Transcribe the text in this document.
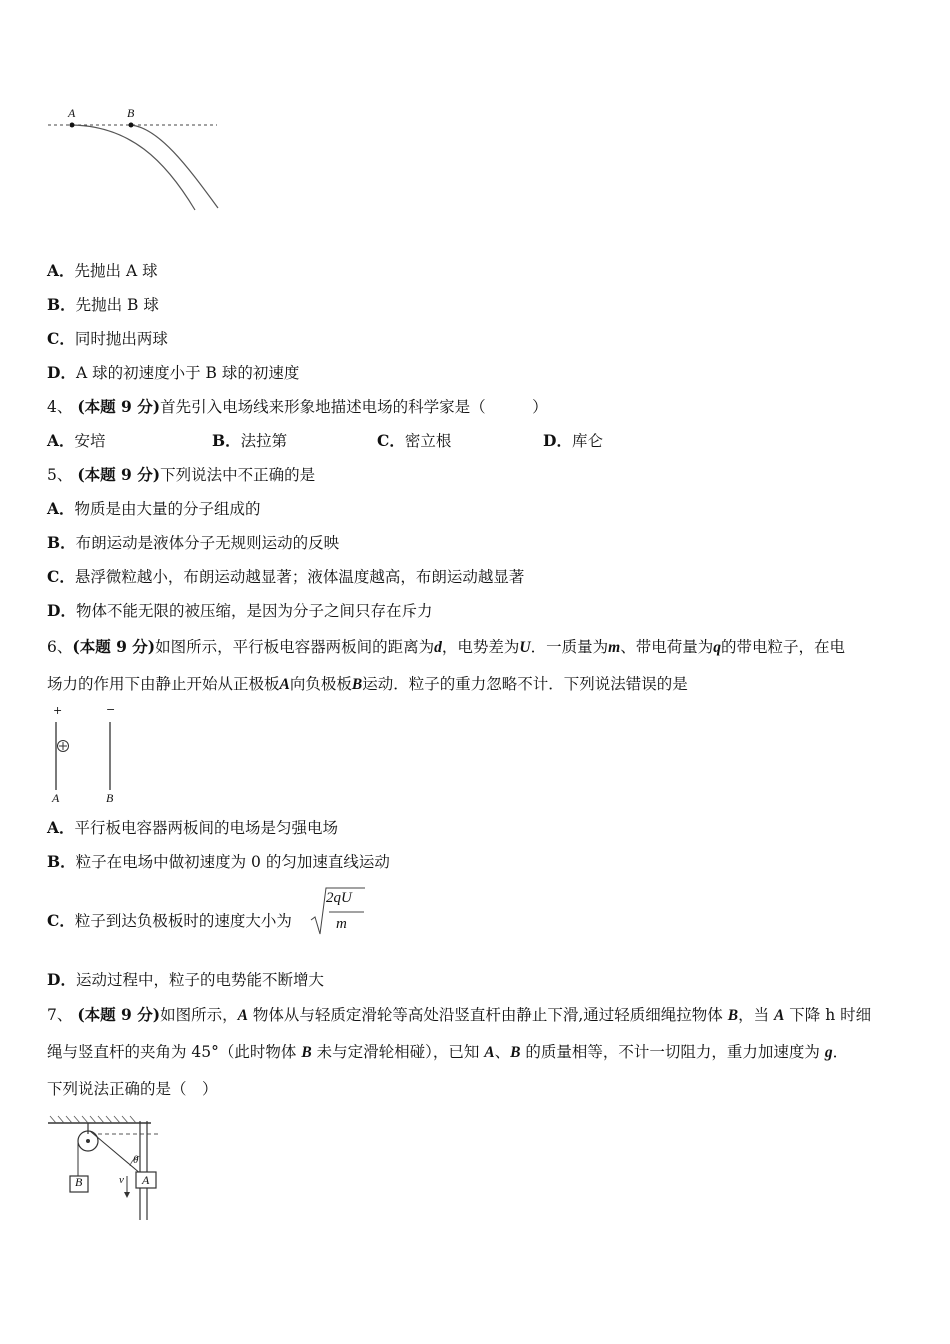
A	B
A．先抛出 A 球
B．先抛出 B 球
C．同时抛出两球
D．A 球的初速度小于 B 球的初速度
4、 (本题 9 分)首先引入电场线来形象地描述电场的科学家是（　　　）
A．安培	B．法拉第	C．密立根	D．库仑
5、 (本题 9 分)下列说法中不正确的是
A．物质是由大量的分子组成的
B．布朗运动是液体分子无规则运动的反映
C．悬浮微粒越小，布朗运动越显著；液体温度越高，布朗运动越显著
D．物体不能无限的被压缩，是因为分子之间只存在斥力
6、(本题 9 分)如图所示，平行板电容器两板间的距离为d，电势差为U．一质量为m、带电荷量为q的带电粒子，在电
场力的作用下由静止开始从正极板A向负极板B运动．粒子的重力忽略不计．下列说法错误的是
+	−
A	B
A．平行板电容器两板间的电场是匀强电场
B．粒子在电场中做初速度为 0 的匀加速直线运动
C．粒子到达负极板时的速度大小为
2qU
m
D．运动过程中，粒子的电势能不断增大
7、 (本题 9 分)如图所示，A 物体从与轻质定滑轮等高处沿竖直杆由静止下滑,通过轻质细绳拉物体 B，当 A 下降 h 时细
绳与竖直杆的夹角为 45°（此时物体 B 未与定滑轮相碰），已知 A、B 的质量相等，不计一切阻力，重力加速度为 g．
下列说法正确的是（　）
B	A
v
θ
